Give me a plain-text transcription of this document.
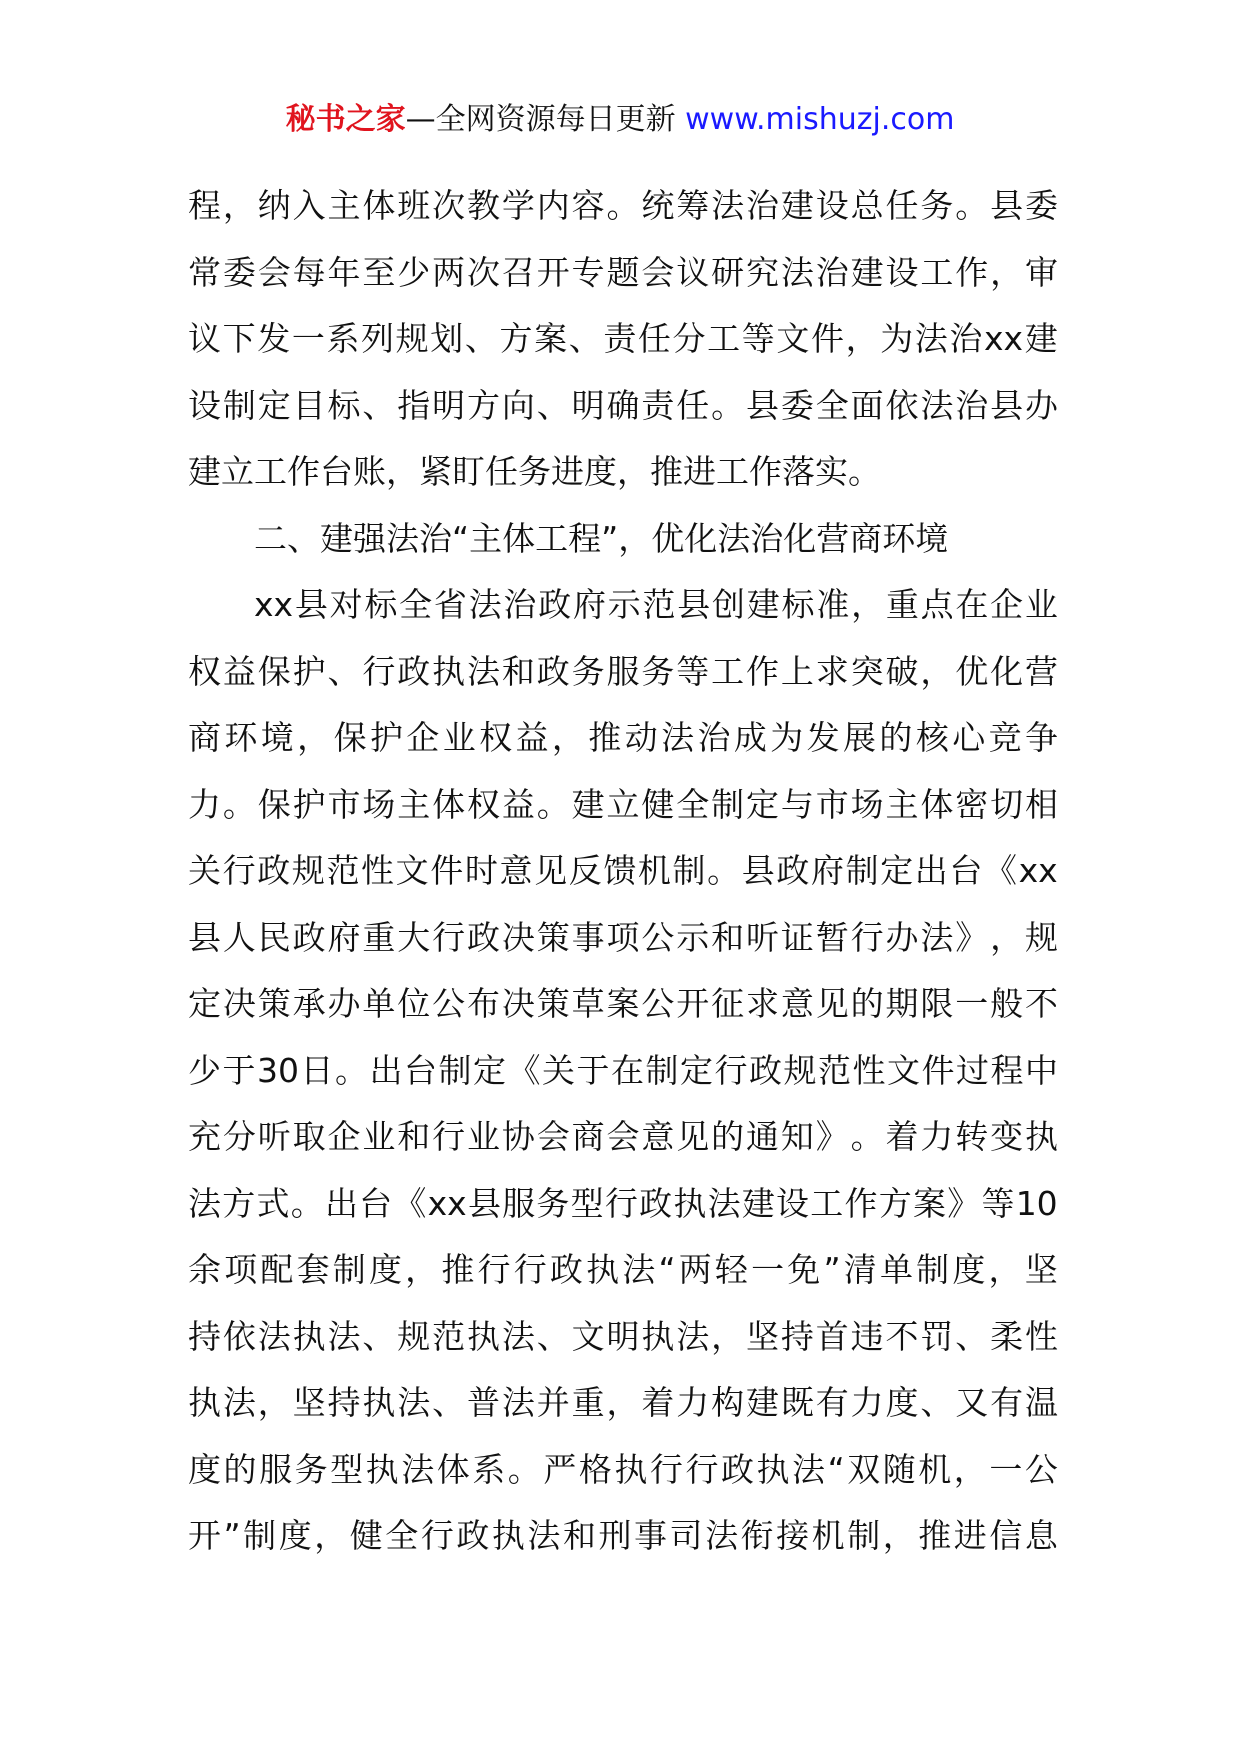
秘书之家—全网资源每日更新 www.mishuzj.com
程 ， 纳 入 主 体 班 次 教 学 内 容 。 统 筹 法 治 建 设 总 任 务 。 县 委
常 委 会 每 年 至 少 两 次 召 开 专 题 会 议 研 究 法 治 建 设 工 作 ， 审
议 下 发 一 系 列 规 划 、 方 案 、 责 任 分 工 等 文 件 ， 为 法 治 xx 建
设 制 定 目 标 、 指 明 方 向 、 明 确 责 任 。 县 委 全 面 依 法 治 县 办
建立工作台账，紧盯任务进度，推进工作落实。
二、建强法治“主体工程”，优化法治化营商环境
xx 县 对 标 全 省 法 治 政 府 示 范 县 创 建 标 准 ， 重 点 在 企 业
权 益 保 护 、 行 政 执 法 和 政 务 服 务 等 工 作 上 求 突 破 ， 优 化 营
商 环 境 ， 保 护 企 业 权 益 ， 推 动 法 治 成 为 发 展 的 核 心 竞 争
力 。 保 护 市 场 主 体 权 益 。 建 立 健 全 制 定 与 市 场 主 体 密 切 相
关 行 政 规 范 性 文 件 时 意 见 反 馈 机 制 。 县 政 府 制 定 出 台 《 xx
县 人 民 政 府 重 大 行 政 决 策 事 项 公 示 和 听 证 暂 行 办 法 》 ， 规
定 决 策 承 办 单 位 公 布 决 策 草 案 公 开 征 求 意 见 的 期 限 一 般 不
少 于 30 日 。 出 台 制 定 《 关 于 在 制 定 行 政 规 范 性 文 件 过 程 中
充 分 听 取 企 业 和 行 业 协 会 商 会 意 见 的 通 知 》 。 着 力 转 变 执
法 方 式 。 出 台 《 xx 县 服 务 型 行 政 执 法 建 设 工 作 方 案 》 等 10
余 项 配 套 制 度 ， 推 行 行 政 执 法 “ 两 轻 一 免 ” 清 单 制 度 ， 坚
持 依 法 执 法 、 规 范 执 法 、 文 明 执 法 ， 坚 持 首 违 不 罚 、 柔 性
执 法 ， 坚 持 执 法 、 普 法 并 重 ， 着 力 构 建 既 有 力 度 、 又 有 温
度 的 服 务 型 执 法 体 系 。 严 格 执 行 行 政 执 法 “ 双 随 机 ， 一 公
开 ” 制 度 ， 健 全 行 政 执 法 和 刑 事 司 法 衔 接 机 制 ， 推 进 信 息
